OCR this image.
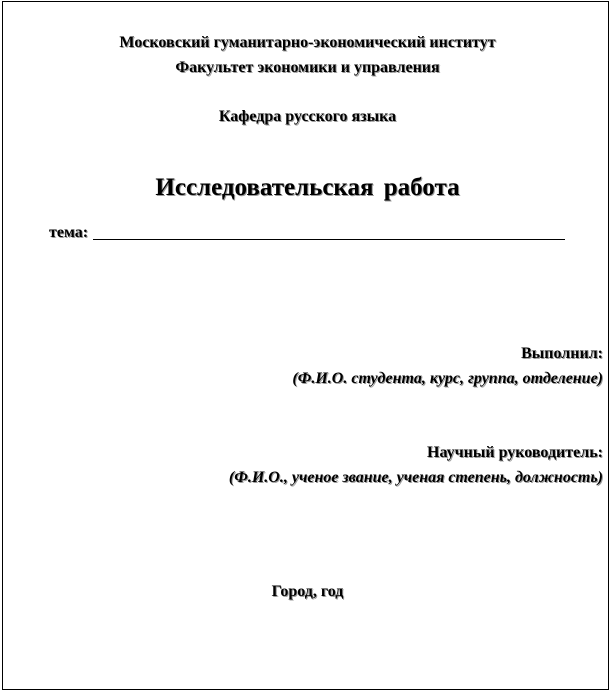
Московский гуманитарно-экономический институт
Факультет экономики и управления
Кафедра русского языка
Исследовательская работа
тема:
Выполнил:
(Ф.И.О. студента, курс, группа, отделение)
Научный руководитель:
(Ф.И.О., ученое звание, ученая степень, должность)
Город, год
